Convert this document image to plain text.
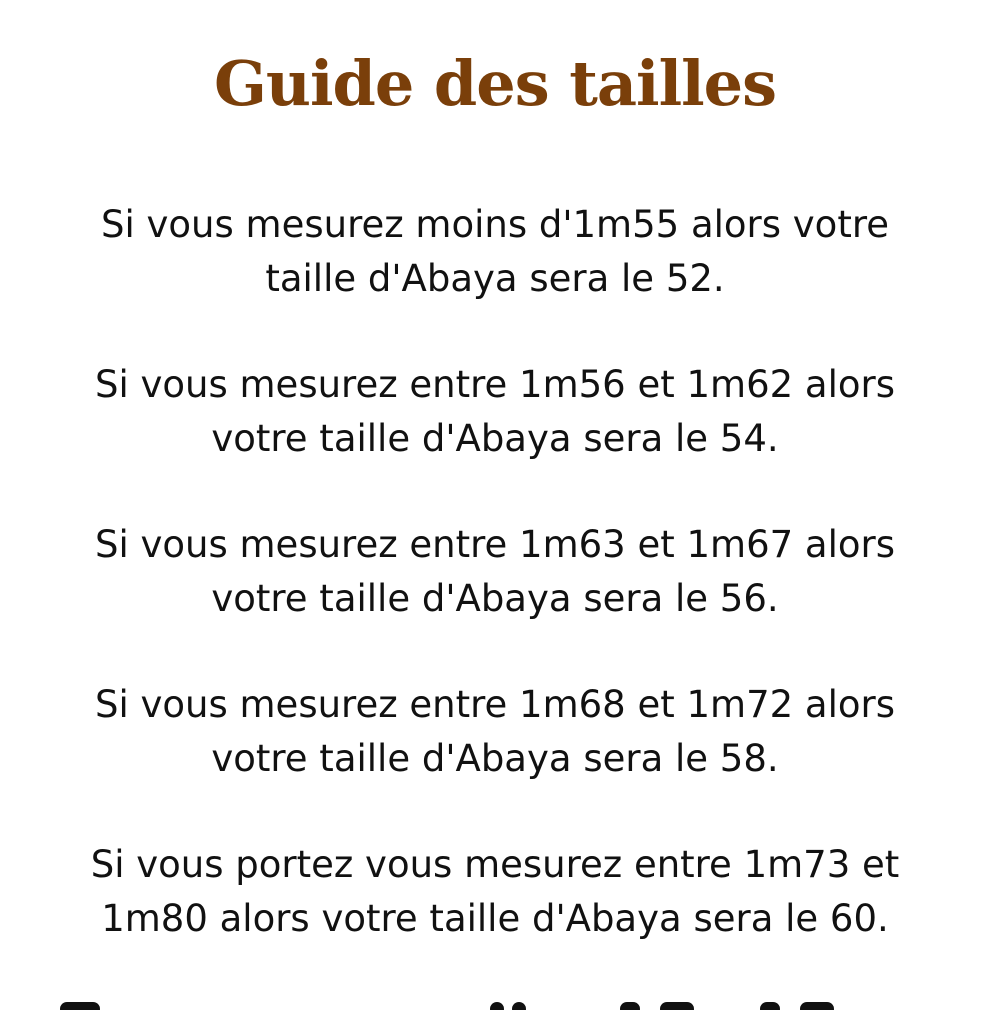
Guide des tailles

Si vous mesurez moins d'1m55 alors votre
taille d'Abaya sera le 52.

Si vous mesurez entre 1m56 et 1m62 alors
votre taille d'Abaya sera le 54.

Si vous mesurez entre 1m63 et 1m67 alors
votre taille d'Abaya sera le 56.

Si vous mesurez entre 1m68 et 1m72 alors
votre taille d'Abaya sera le 58.

Si vous portez vous mesurez entre 1m73 et
1m80 alors votre taille d'Abaya sera le 60.
